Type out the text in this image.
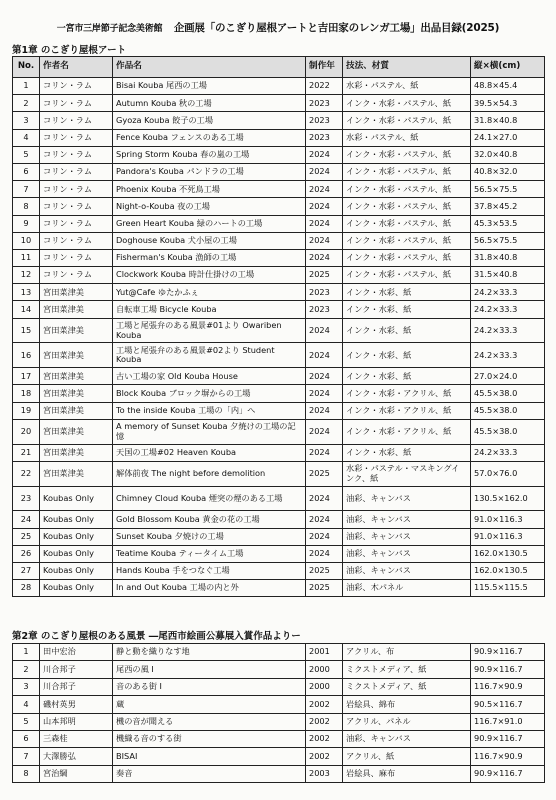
一宮市三岸節子記念美術館 企画展「のこぎり屋根アートと吉田家のレンガ工場」出品目録(2025)
第1章 のこぎり屋根アート
No.	作者名	作品名	制作年	技法、材質	縦×横(cm)
1	コリン・ラム	Bisai Kouba 尾西の工場	2022	水彩・パステル、紙	48.8×45.4
2	コリン・ラム	Autumn Kouba 秋の工場	2023	インク・水彩・パステル、紙	39.5×54.3
3	コリン・ラム	Gyoza Kouba 餃子の工場	2023	インク・水彩・パステル、紙	31.8×40.8
4	コリン・ラム	Fence Kouba フェンスのある工場	2023	水彩・パステル、紙	24.1×27.0
5	コリン・ラム	Spring Storm Kouba 春の嵐の工場	2024	インク・水彩・パステル、紙	32.0×40.8
6	コリン・ラム	Pandora's Kouba パンドラの工場	2024	インク・水彩・パステル、紙	40.8×32.0
7	コリン・ラム	Phoenix Kouba 不死鳥工場	2024	インク・水彩・パステル、紙	56.5×75.5
8	コリン・ラム	Night-o-Kouba 夜の工場	2024	インク・水彩・パステル、紙	37.8×45.2
9	コリン・ラム	Green Heart Kouba 緑のハートの工場	2024	インク・水彩・パステル、紙	45.3×53.5
10	コリン・ラム	Doghouse Kouba 犬小屋の工場	2024	インク・水彩・パステル、紙	56.5×75.5
11	コリン・ラム	Fisherman's Kouba 漁師の工場	2024	インク・水彩・パステル、紙	31.8×40.8
12	コリン・ラム	Clockwork Kouba 時計仕掛けの工場	2025	インク・水彩・パステル、紙	31.5×40.8
13	宮田菜津美	Yut@Cafe ゆたかふぇ	2023	インク・水彩、紙	24.2×33.3
14	宮田菜津美	自転車工場 Bicycle Kouba	2023	インク・水彩、紙	24.2×33.3
15	宮田菜津美	工場と尾張弁のある風景#01より Owariben Kouba	2024	インク・水彩、紙	24.2×33.3
16	宮田菜津美	工場と尾張弁のある風景#02より Student Kouba	2024	インク・水彩、紙	24.2×33.3
17	宮田菜津美	古い工場の家 Old Kouba House	2024	インク・水彩、紙	27.0×24.0
18	宮田菜津美	Block Kouba ブロック塀からの工場	2024	インク・水彩・アクリル、紙	45.5×38.0
19	宮田菜津美	To the inside Kouba 工場の「内」へ	2024	インク・水彩・アクリル、紙	45.5×38.0
20	宮田菜津美	A memory of Sunset Kouba 夕焼けの工場の記憶	2024	インク・水彩・アクリル、紙	45.5×38.0
21	宮田菜津美	天国の工場#02 Heaven Kouba	2024	インク・水彩、紙	24.2×33.3
22	宮田菜津美	解体前夜 The night before demolition	2025	水彩・パステル・マスキングインク、紙	57.0×76.0
23	Koubas Only	Chimney Cloud Kouba 煙突の煙のある工場	2024	油彩、キャンバス	130.5×162.0
24	Koubas Only	Gold Blossom Kouba 黄金の花の工場	2024	油彩、キャンバス	91.0×116.3
25	Koubas Only	Sunset Kouba 夕焼けの工場	2024	油彩、キャンバス	91.0×116.3
26	Koubas Only	Teatime Kouba ティータイム工場	2024	油彩、キャンバス	162.0×130.5
27	Koubas Only	Hands Kouba 手をつなぐ工場	2025	油彩、キャンバス	162.0×130.5
28	Koubas Only	In and Out Kouba 工場の内と外	2025	油彩、木パネル	115.5×115.5
第2章 のこぎり屋根のある風景 ―尾西市絵画公募展入賞作品よりー
1	田中宏治	静と動を織りなす地	2001	アクリル、布	90.9×116.7
2	川合邦子	尾西の風 I	2000	ミクストメディア、紙	90.9×116.7
3	川合邦子	音のある街 I	2000	ミクストメディア、紙	116.7×90.9
4	磯村英男	蔵	2002	岩絵具、綿布	90.5×116.7
5	山本邦明	機の音が聞える	2002	アクリル、パネル	116.7×91.0
6	三森桂	機織る音のする街	2002	油彩、キャンバス	90.9×116.7
7	大澤勝弘	BISAI	2002	アクリル、紙	116.7×90.9
8	宮治綱	奏音	2003	岩絵具、麻布	90.9×116.7
